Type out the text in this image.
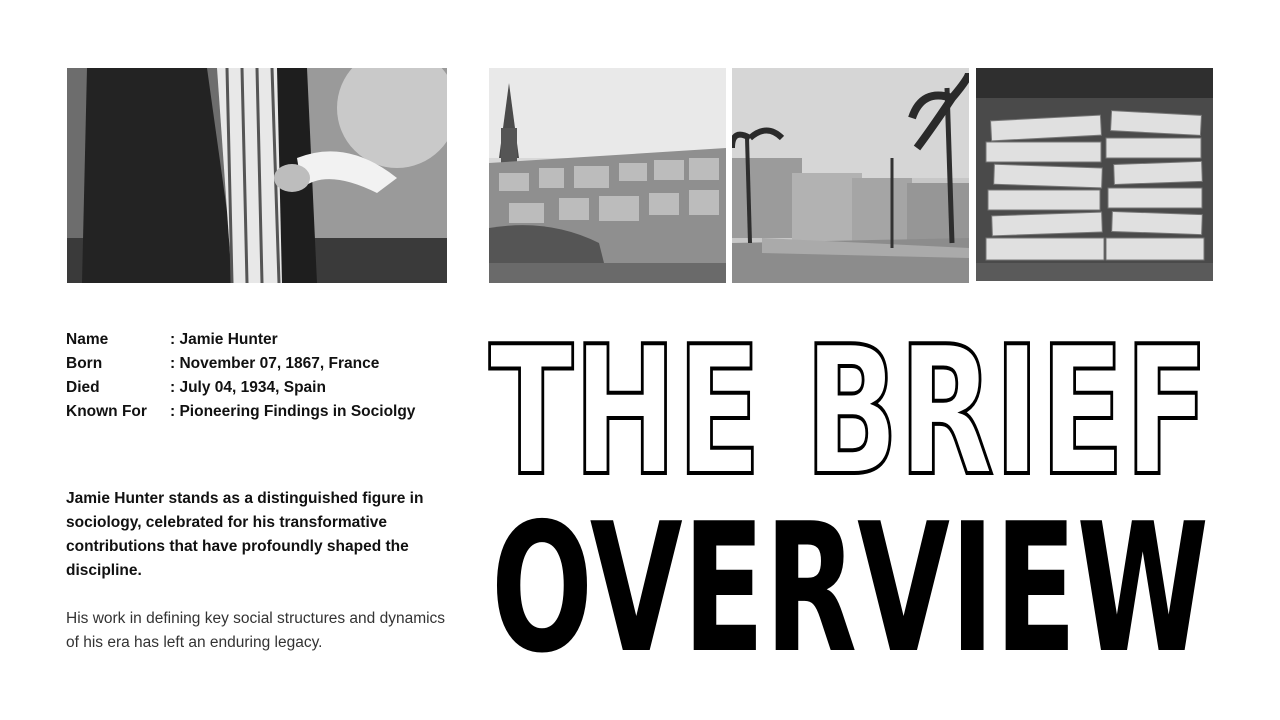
Name	: Jamie Hunter
Born	: November 07, 1867, France
Died	: July 04, 1934, Spain
Known For	: Pioneering Findings in Sociolgy

Jamie Hunter stands as a distinguished figure in sociology, celebrated for his transformative contributions that have profoundly shaped the discipline.

His work in defining key social structures and dynamics of his era has left an enduring legacy.

THE BRIEF
OVERVIEW
